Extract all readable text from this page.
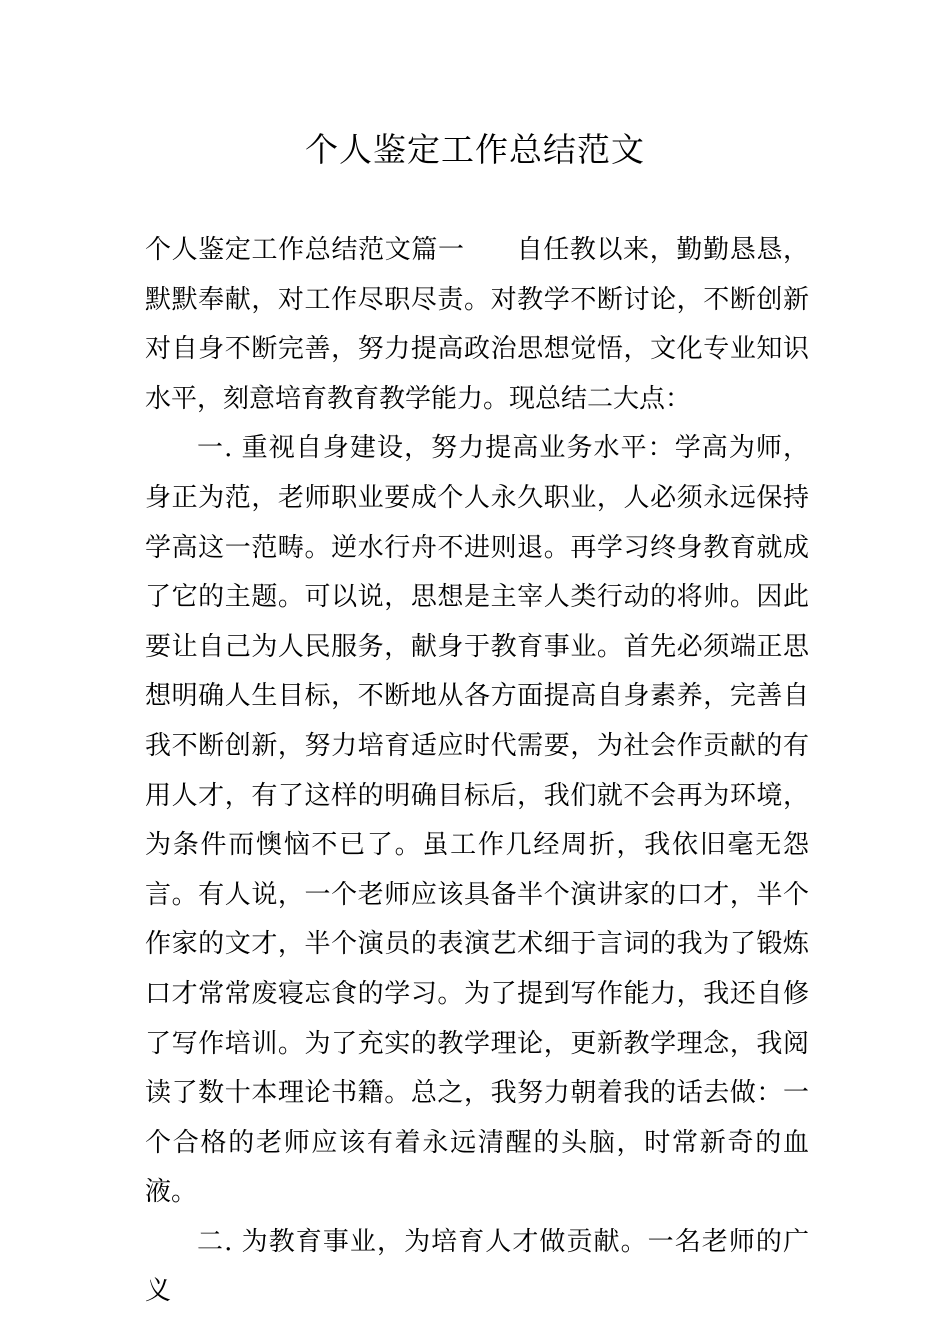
个人鉴定工作总结范文

个人鉴定工作总结范文篇一 自任教以来，勤勤恳恳，默默奉献，对工作尽职尽责。对教学不断讨论，不断创新对自身不断完善，努力提高政治思想觉悟，文化专业知识水平，刻意培育教育教学能力。现总结二大点：

一. 重视自身建设，努力提高业务水平：学高为师，身正为范，老师职业要成个人永久职业，人必须永远保持学高这一范畴。逆水行舟不进则退。再学习终身教育就成了它的主题。可以说，思想是主宰人类行动的将帅。因此要让自己为人民服务，献身于教育事业。首先必须端正思想明确人生目标，不断地从各方面提高自身素养，完善自我不断创新，努力培育适应时代需要，为社会作贡献的有用人才，有了这样的明确目标后，我们就不会再为环境，为条件而懊恼不已了。虽工作几经周折，我依旧毫无怨言。有人说，一个老师应该具备半个演讲家的口才，半个作家的文才，半个演员的表演艺术细于言词的我为了锻炼口才常常废寝忘食的学习。为了提到写作能力，我还自修了写作培训。为了充实的教学理论，更新教学理念，我阅读了数十本理论书籍。总之，我努力朝着我的话去做：一个合格的老师应该有着永远清醒的头脑，时常新奇的血液。

二. 为教育事业，为培育人才做贡献。一名老师的广义
